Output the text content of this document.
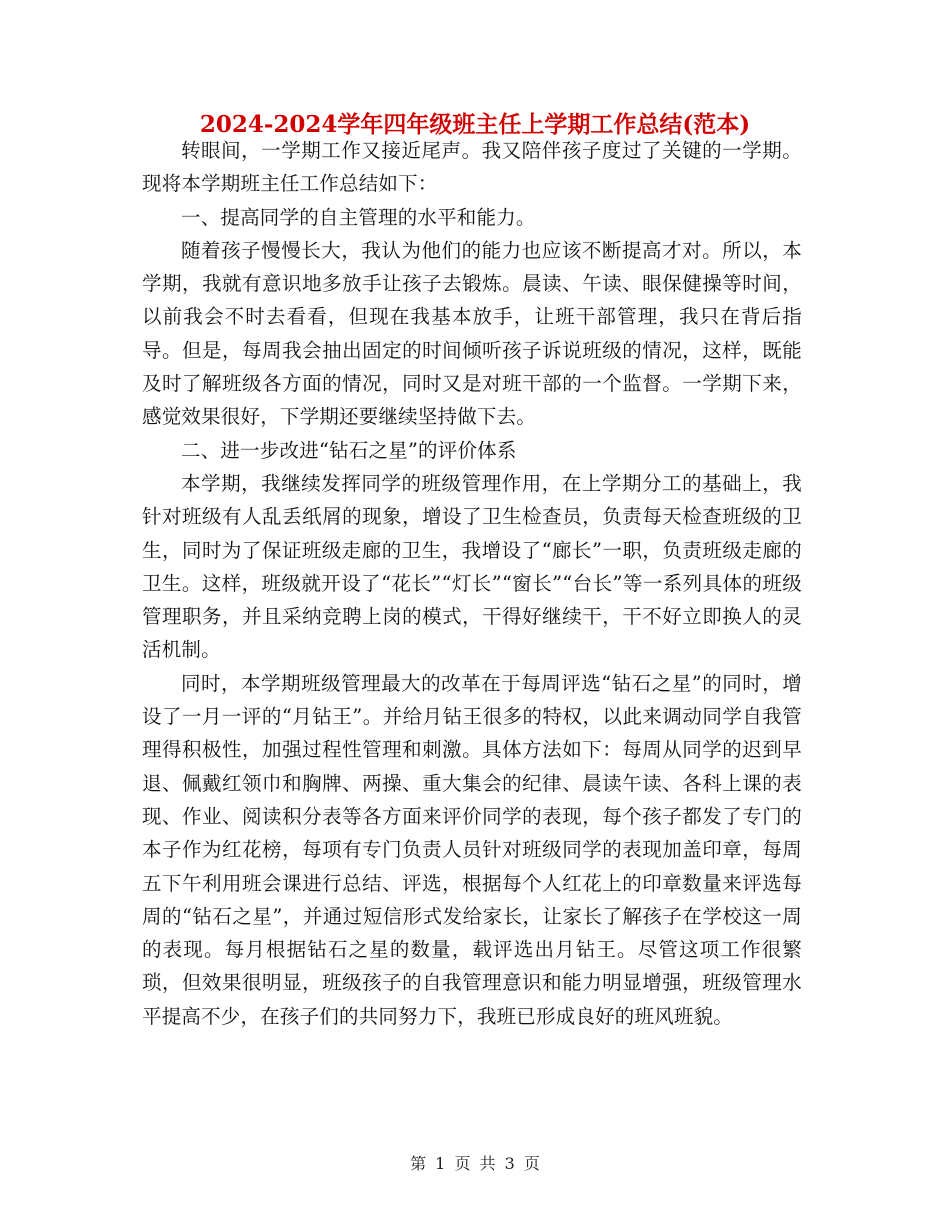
2024-2024学年四年级班主任上学期工作总结(范本)

转眼间，一学期工作又接近尾声。我又陪伴孩子度过了关键的一学期。现将本学期班主任工作总结如下：

一、提高同学的自主管理的水平和能力。

随着孩子慢慢长大，我认为他们的能力也应该不断提高才对。所以，本学期，我就有意识地多放手让孩子去锻炼。晨读、午读、眼保健操等时间，以前我会不时去看看，但现在我基本放手，让班干部管理，我只在背后指导。但是，每周我会抽出固定的时间倾听孩子诉说班级的情况，这样，既能及时了解班级各方面的情况，同时又是对班干部的一个监督。一学期下来，感觉效果很好，下学期还要继续坚持做下去。

二、进一步改进“钻石之星”的评价体系

本学期，我继续发挥同学的班级管理作用，在上学期分工的基础上，我针对班级有人乱丢纸屑的现象，增设了卫生检查员，负责每天检查班级的卫生，同时为了保证班级走廊的卫生，我增设了“廊长”一职，负责班级走廊的卫生。这样，班级就开设了“花长”“灯长”“窗长”“台长”等一系列具体的班级管理职务，并且采纳竞聘上岗的模式，干得好继续干，干不好立即换人的灵活机制。

同时，本学期班级管理最大的改革在于每周评选“钻石之星”的同时，增设了一月一评的“月钻王”。并给月钻王很多的特权，以此来调动同学自我管理得积极性，加强过程性管理和刺激。具体方法如下：每周从同学的迟到早退、佩戴红领巾和胸牌、两操、重大集会的纪律、晨读午读、各科上课的表现、作业、阅读积分表等各方面来评价同学的表现，每个孩子都发了专门的本子作为红花榜，每项有专门负责人员针对班级同学的表现加盖印章，每周五下午利用班会课进行总结、评选，根据每个人红花上的印章数量来评选每周的“钻石之星”，并通过短信形式发给家长，让家长了解孩子在学校这一周的表现。每月根据钻石之星的数量，载评选出月钻王。尽管这项工作很繁琐，但效果很明显，班级孩子的自我管理意识和能力明显增强，班级管理水平提高不少，在孩子们的共同努力下，我班已形成良好的班风班貌。

第 1 页 共 3 页
